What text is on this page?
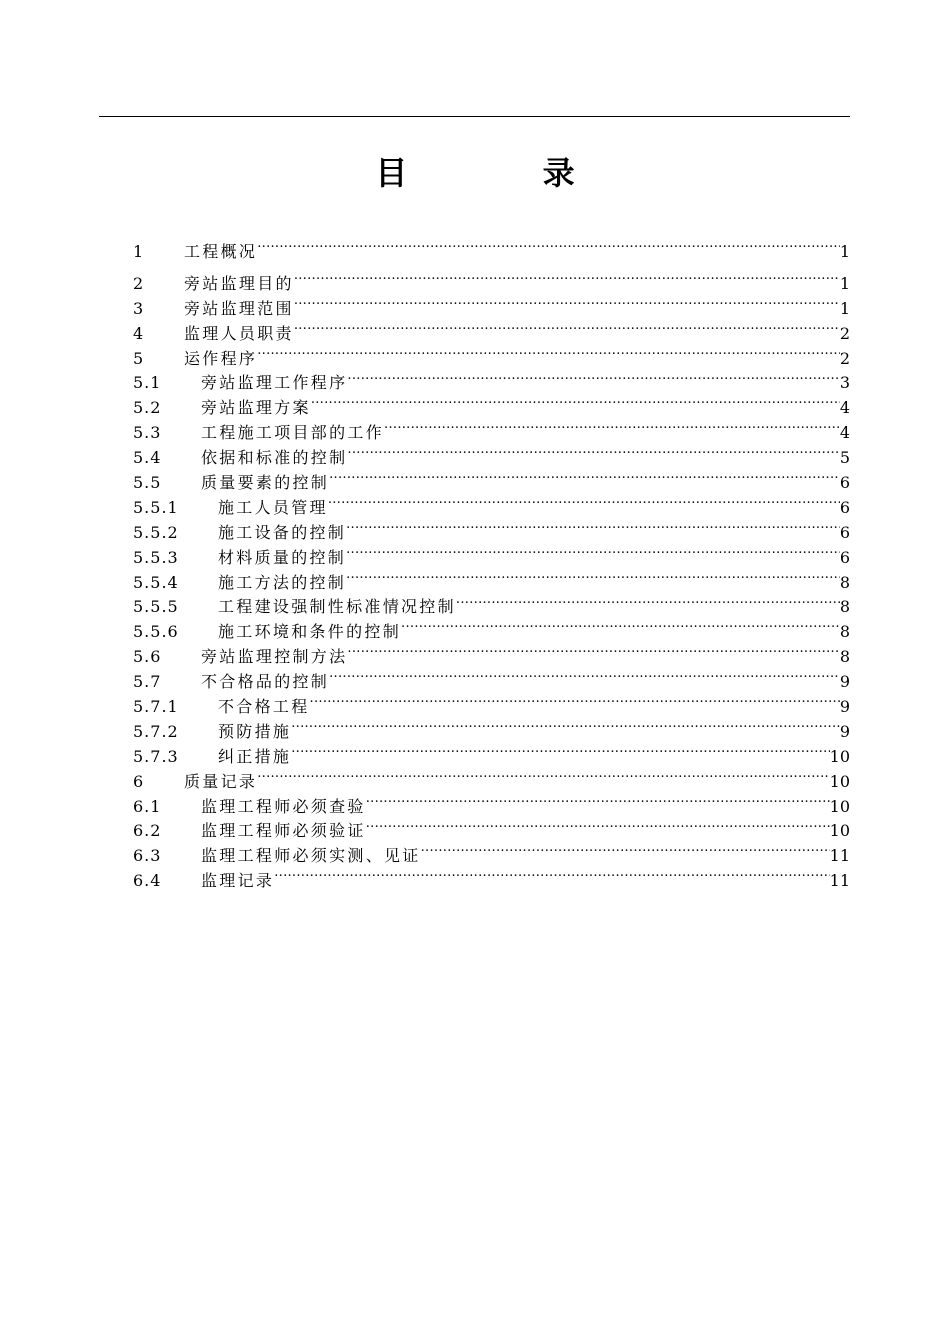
目 录
1	工程概况 .....	1
2	旁站监理目的 .....	1
3	旁站监理范围 .....	1
4	监理人员职责 .....	2
5	运作程序 .....	2
5.1	旁站监理工作程序 .....	3
5.2	旁站监理方案 .....	4
5.3	工程施工项目部的工作 .....	4
5.4	依据和标准的控制 .....	5
5.5	质量要素的控制 .....	6
5.5.1	施工人员管理 .....	6
5.5.2	施工设备的控制 .....	6
5.5.3	材料质量的控制 .....	6
5.5.4	施工方法的控制 .....	8
5.5.5	工程建设强制性标准情况控制 .....	8
5.5.6	施工环境和条件的控制 .....	8
5.6	旁站监理控制方法 .....	8
5.7	不合格品的控制 .....	9
5.7.1	不合格工程 .....	9
5.7.2	预防措施 .....	9
5.7.3	纠正措施 .....	10
6	质量记录 .....	10
6.1	监理工程师必须查验 .....	10
6.2	监理工程师必须验证 .....	10
6.3	监理工程师必须实测、见证 .....	11
6.4	监理记录 .....	11
